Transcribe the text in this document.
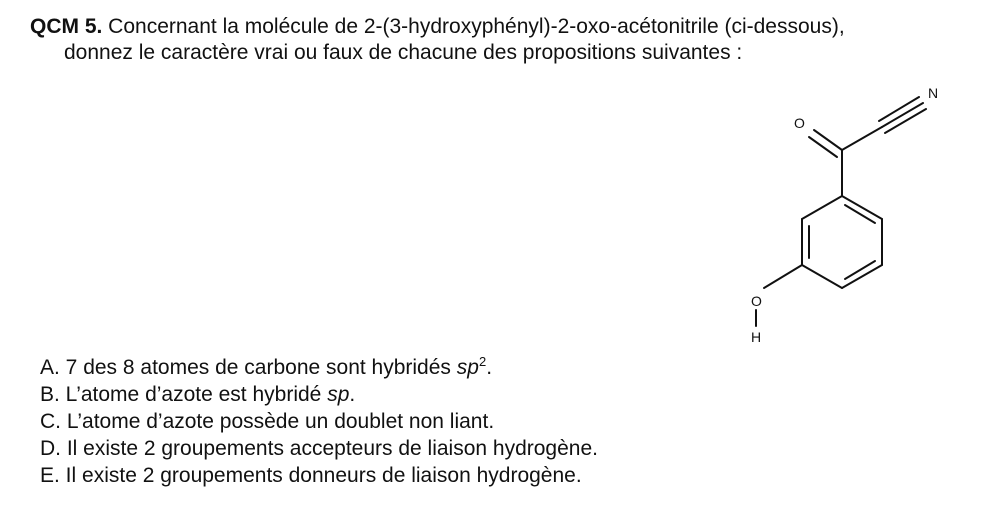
QCM 5. Concernant la molécule de 2-(3-hydroxyphényl)-2-oxo-acétonitrile (ci-dessous),
donnez le caractère vrai ou faux de chacune des propositions suivantes :
O
N
O
H
A. 7 des 8 atomes de carbone sont hybridés $sp^2$.
B. L’atome d’azote est hybridé sp.
C. L’atome d’azote possède un doublet non liant.
D. Il existe 2 groupements accepteurs de liaison hydrogène.
E. Il existe 2 groupements donneurs de liaison hydrogène.
